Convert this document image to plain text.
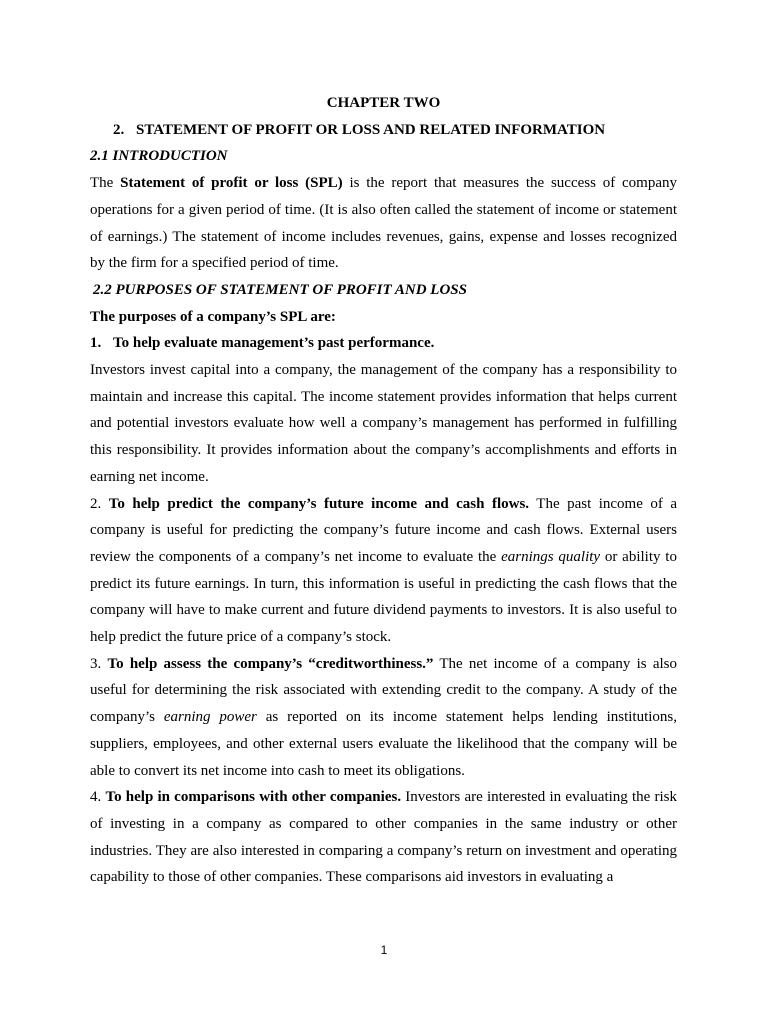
CHAPTER TWO

2. STATEMENT OF PROFIT OR LOSS AND RELATED INFORMATION

2.1 INTRODUCTION

The Statement of profit or loss (SPL) is the report that measures the success of company operations for a given period of time. (It is also often called the statement of income or statement of earnings.) The statement of income includes revenues, gains, expense and losses recognized by the firm for a specified period of time.

2.2 PURPOSES OF STATEMENT OF PROFIT AND LOSS

The purposes of a company’s SPL are:

1. To help evaluate management’s past performance.

Investors invest capital into a company, the management of the company has a responsibility to maintain and increase this capital. The income statement provides information that helps current and potential investors evaluate how well a company’s management has performed in fulfilling this responsibility. It provides information about the company’s accomplishments and efforts in earning net income.

2. To help predict the company’s future income and cash flows. The past income of a company is useful for predicting the company’s future income and cash flows. External users review the components of a company’s net income to evaluate the earnings quality or ability to predict its future earnings. In turn, this information is useful in predicting the cash flows that the company will have to make current and future dividend payments to investors. It is also useful to help predict the future price of a company’s stock.

3. To help assess the company’s “creditworthiness.” The net income of a company is also useful for determining the risk associated with extending credit to the company. A study of the company’s earning power as reported on its income statement helps lending institutions, suppliers, employees, and other external users evaluate the likelihood that the company will be able to convert its net income into cash to meet its obligations.

4. To help in comparisons with other companies. Investors are interested in evaluating the risk of investing in a company as compared to other companies in the same industry or other industries. They are also interested in comparing a company’s return on investment and operating capability to those of other companies. These comparisons aid investors in evaluating a

1
